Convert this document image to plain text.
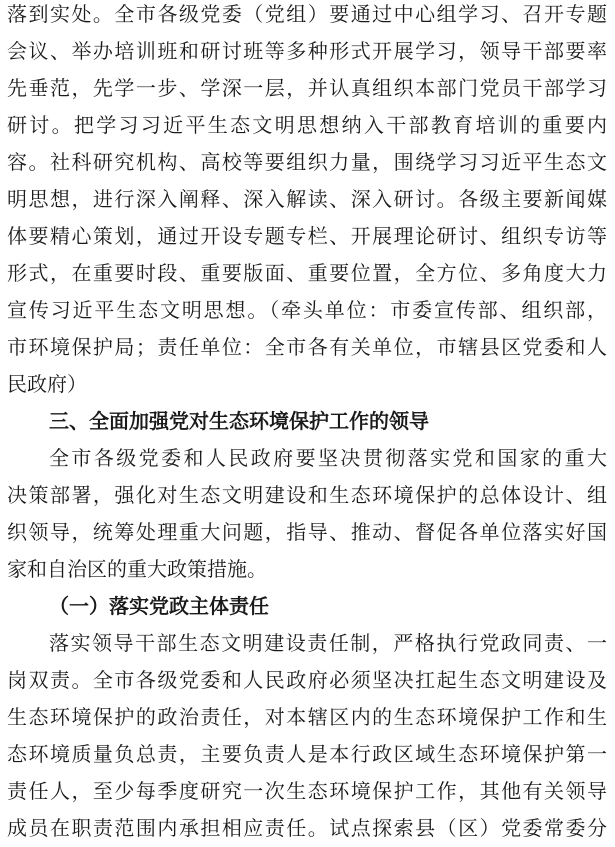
落到实处。全市各级党委（党组）要通过中心组学习、召开专题
会议、举办培训班和研讨班等多种形式开展学习，领导干部要率
先垂范，先学一步、学深一层，并认真组织本部门党员干部学习
研讨。把学习习近平生态文明思想纳入干部教育培训的重要内
容。社科研究机构、高校等要组织力量，围绕学习习近平生态文
明思想，进行深入阐释、深入解读、深入研讨。各级主要新闻媒
体要精心策划，通过开设专题专栏、开展理论研讨、组织专访等
形式，在重要时段、重要版面、重要位置，全方位、多角度大力
宣传习近平生态文明思想。（牵头单位：市委宣传部、组织部，
市环境保护局；责任单位：全市各有关单位，市辖县区党委和人
民政府）
三、全面加强党对生态环境保护工作的领导
全市各级党委和人民政府要坚决贯彻落实党和国家的重大
决策部署，强化对生态文明建设和生态环境保护的总体设计、组
织领导，统筹处理重大问题，指导、推动、督促各单位落实好国
家和自治区的重大政策措施。
（一）落实党政主体责任
落实领导干部生态文明建设责任制，严格执行党政同责、一
岗双责。全市各级党委和人民政府必须坚决扛起生态文明建设及
生态环境保护的政治责任，对本辖区内的生态环境保护工作和生
态环境质量负总责，主要负责人是本行政区域生态环境保护第一
责任人，至少每季度研究一次生态环境保护工作，其他有关领导
成员在职责范围内承担相应责任。试点探索县（区）党委常委分
